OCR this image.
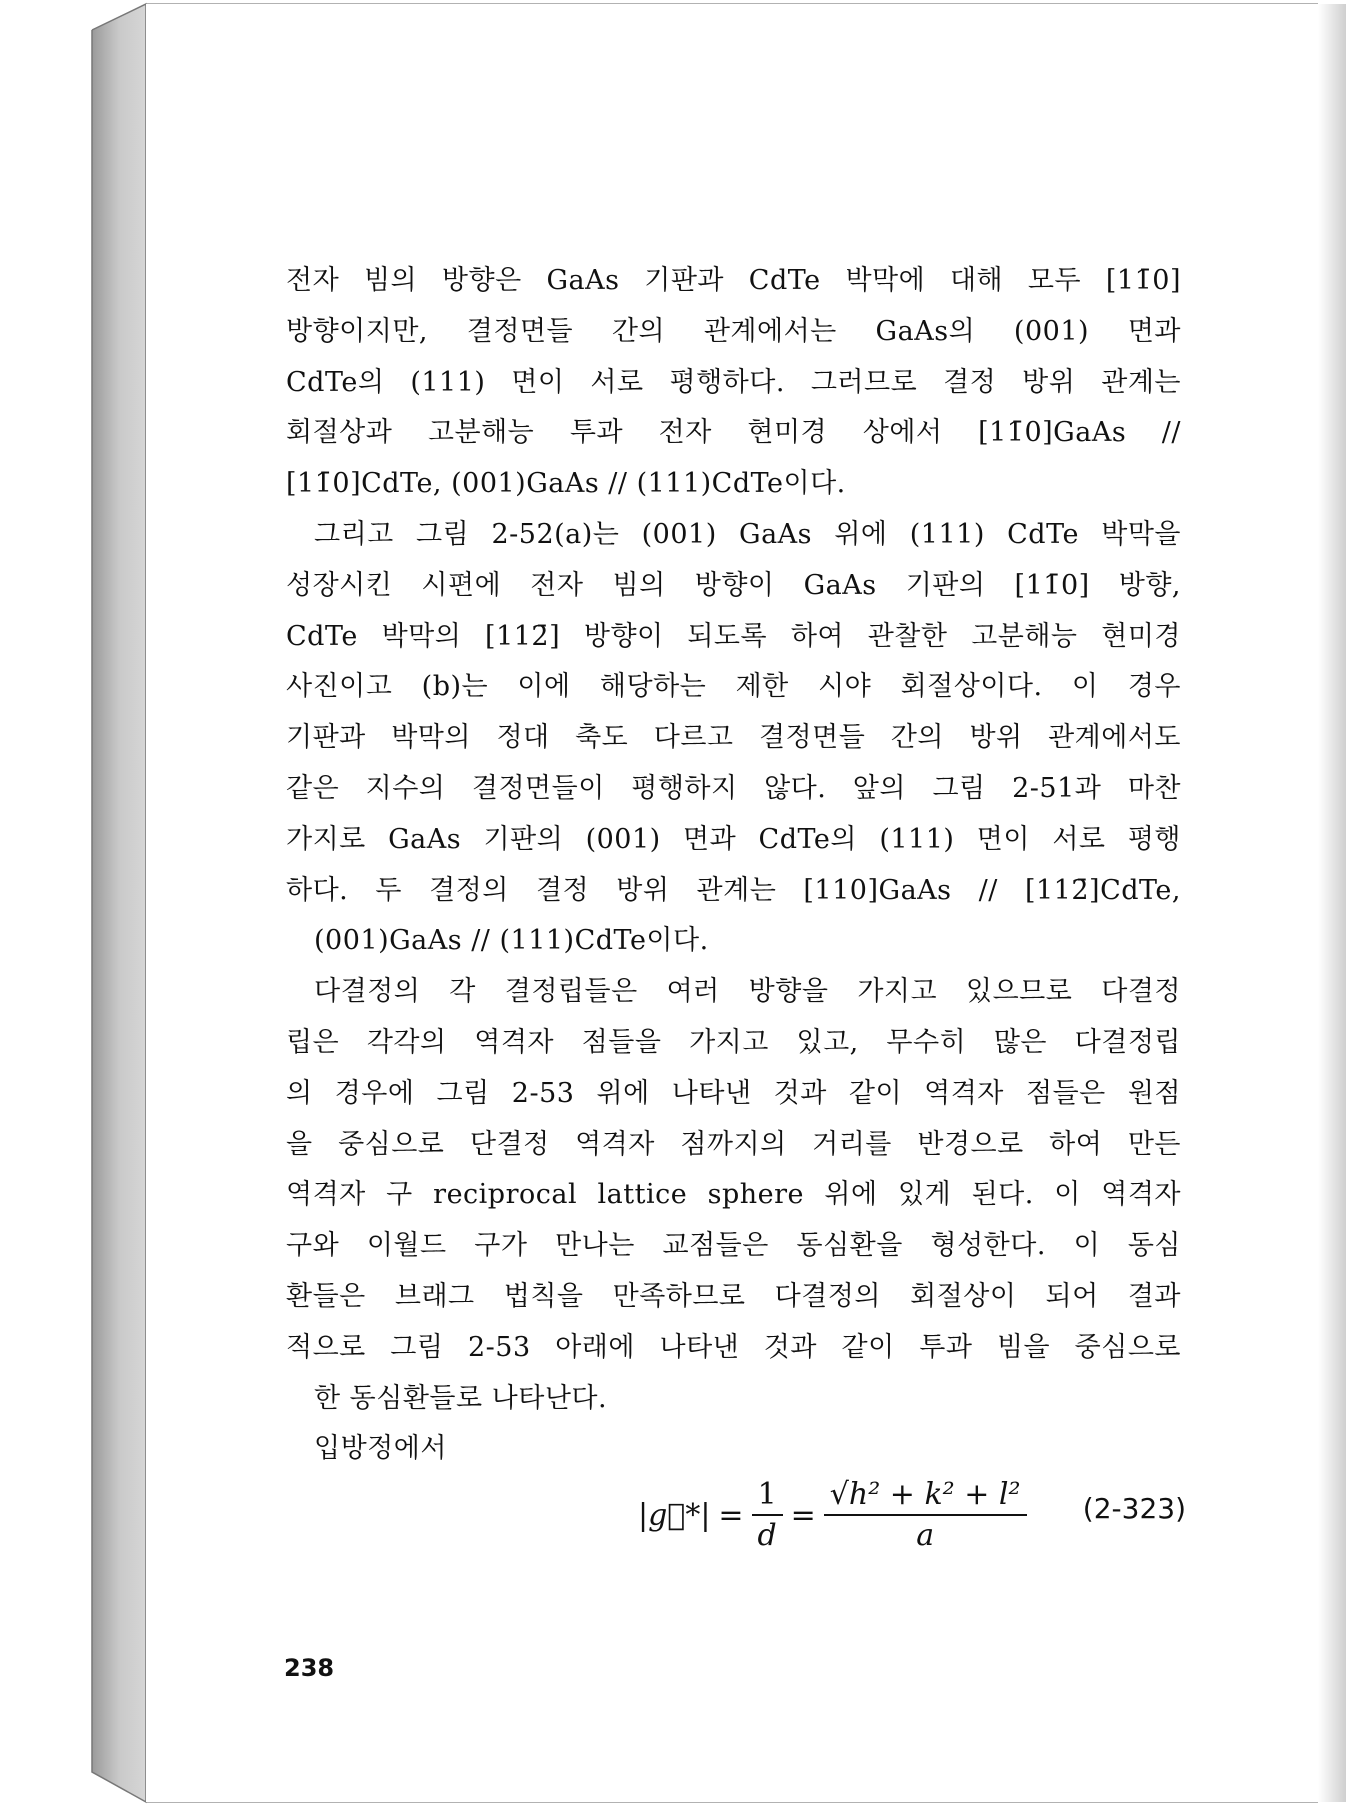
전자 빔의 방향은 GaAs 기판과 CdTe 박막에 대해 모두 [11̄0]
방향이지만, 결정면들 간의 관계에서는 GaAs의 (001) 면과
CdTe의 (111) 면이 서로 평행하다. 그러므로 결정 방위 관계는
회절상과 고분해능 투과 전자 현미경 상에서 [11̄0]GaAs //

[11̄0]CdTe, (001)GaAs // (111)CdTe이다.

그리고 그림 2-52(a)는 (001) GaAs 위에 (111) CdTe 박막을
성장시킨 시편에 전자 빔의 방향이 GaAs 기판의 [11̄0] 방향,
CdTe 박막의 [112̄] 방향이 되도록 하여 관찰한 고분해능 현미경
사진이고 (b)는 이에 해당하는 제한 시야 회절상이다. 이 경우
기판과 박막의 정대 축도 다르고 결정면들 간의 방위 관계에서도
같은 지수의 결정면들이 평행하지 않다. 앞의 그림 2-51과 마찬
가지로 GaAs 기판의 (001) 면과 CdTe의 (111) 면이 서로 평행
하다. 두 결정의 결정 방위 관계는 [110]GaAs // [112̄]CdTe,

(001)GaAs // (111)CdTe이다.

다결정의 각 결정립들은 여러 방향을 가지고 있으므로 다결정
립은 각각의 역격자 점들을 가지고 있고, 무수히 많은 다결정립
의 경우에 그림 2-53 위에 나타낸 것과 같이 역격자 점들은 원점
을 중심으로 단결정 역격자 점까지의 거리를 반경으로 하여 만든
역격자 구 reciprocal lattice sphere 위에 있게 된다. 이 역격자
구와 이월드 구가 만나는 교점들은 동심환을 형성한다. 이 동심
환들은 브래그 법칙을 만족하므로 다결정의 회절상이 되어 결과
적으로 그림 2-53 아래에 나타낸 것과 같이 투과 빔을 중심으로

한 동심환들로 나타난다.

입방정에서

|g⃗*| = $\frac{1}{d} = \frac{\text{√h² + k² + l²}}{a} (2-323)$
238
